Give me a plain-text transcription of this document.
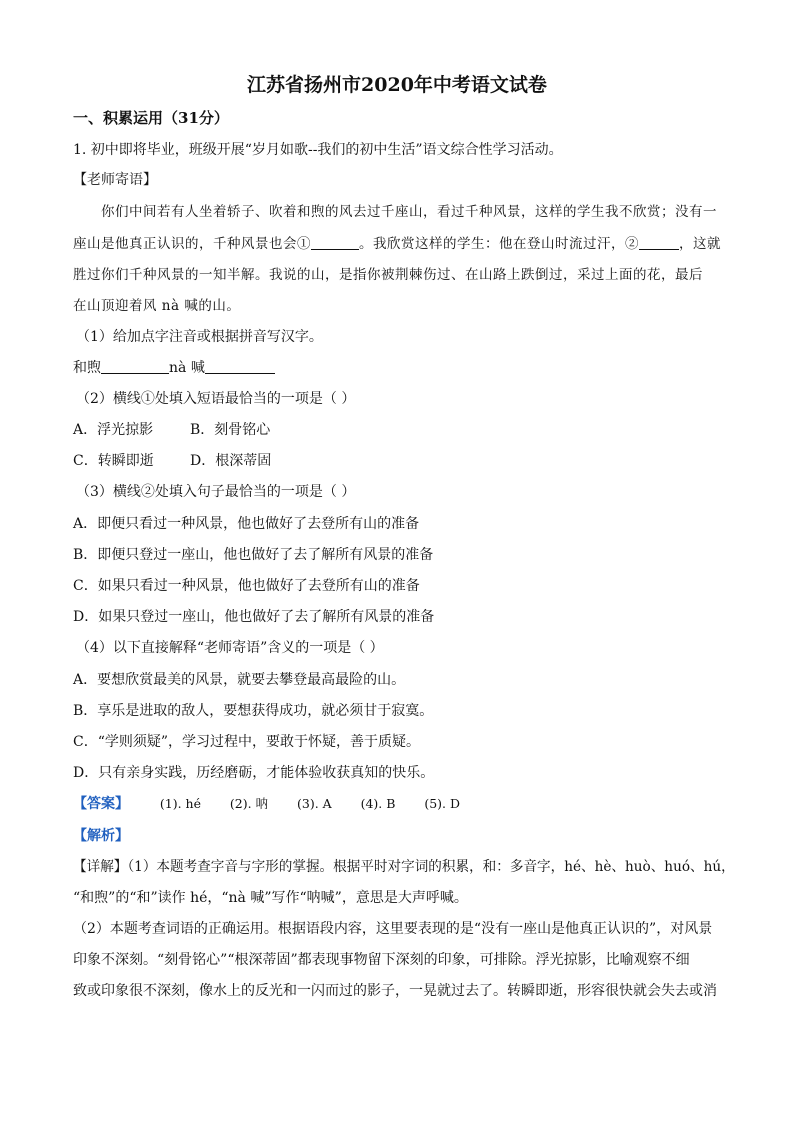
江苏省扬州市2020年中考语文试卷
一、积累运用（31分）
1. 初中即将毕业，班级开展“岁月如歌--我们的初中生活”语文综合性学习活动。
【老师寄语】
你们中间若有人坐着轿子、吹着和煦的风去过千座山，看过千种风景，这样的学生我不欣赏；没有一
座山是他真正认识的，千种风景也会①	。我欣赏这样的学生：他在登山时流过汗，②	，这就
胜过你们千种风景的一知半解。我说的山，是指你被荆棘伤过、在山路上跌倒过，采过上面的花，最后
在山顶迎着风 nà 喊的山。
（1）给加点字注音或根据拼音写汉字。
和煦	nà 喊
（2）横线①处填入短语最恰当的一项是（ ）
A．浮光掠影	B．刻骨铭心
C．转瞬即逝	D．根深蒂固
（3）横线②处填入句子最恰当的一项是（ ）
A．即便只看过一种风景，他也做好了去登所有山的准备
B．即便只登过一座山，他也做好了去了解所有风景的准备
C．如果只看过一种风景，他也做好了去登所有山的准备
D．如果只登过一座山，他也做好了去了解所有风景的准备
（4）以下直接解释“老师寄语”含义的一项是（ ）
A．要想欣赏最美的风景，就要去攀登最高最险的山。
B．享乐是进取的敌人，要想获得成功，就必须甘于寂寞。
C．“学则须疑”，学习过程中，要敢于怀疑，善于质疑。
D．只有亲身实践，历经磨砺，才能体验收获真知的快乐。
【答案】 (1). hé (2). 呐 (3). A (4). B (5). D
【解析】
【详解】（1）本题考查字音与字形的掌握。根据平时对字词的积累，和：多音字，hé、hè、huò、huó、hú，
“和煦”的“和”读作 hé，“nà 喊”写作“呐喊”，意思是大声呼喊。
（2）本题考查词语的正确运用。根据语段内容，这里要表现的是“没有一座山是他真正认识的”，对风景
印象不深刻。“刻骨铭心”“根深蒂固”都表现事物留下深刻的印象，可排除。浮光掠影，比喻观察不细
致或印象很不深刻，像水上的反光和一闪而过的影子，一晃就过去了。转瞬即逝，形容很快就会失去或消
